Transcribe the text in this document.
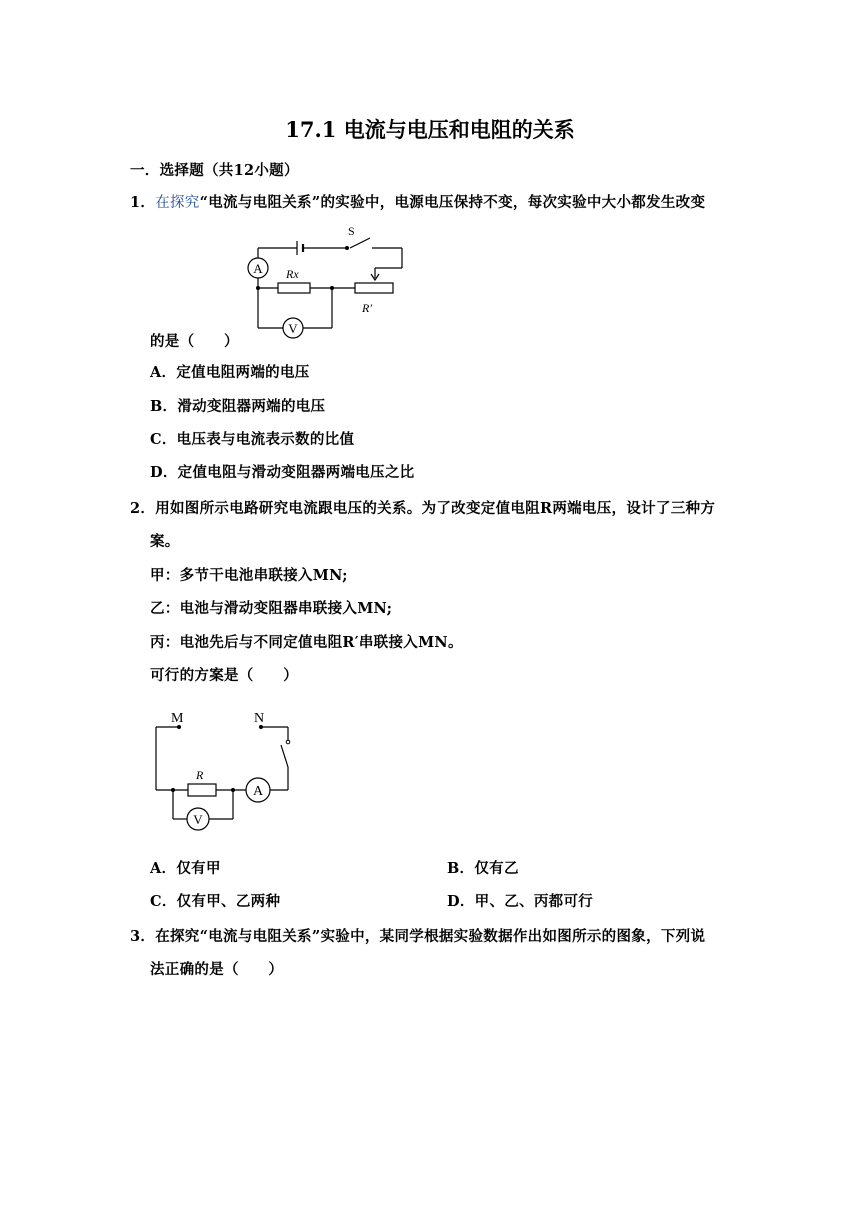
17.1 电流与电压和电阻的关系
一．选择题（共12小题）
1．在探究“电流与电阻关系”的实验中，电源电压保持不变，每次实验中大小都发生改变
A
V
S
Rx
R′
的是（　　）
A．定值电阻两端的电压
B．滑动变阻器两端的电压
C．电压表与电流表示数的比值
D．定值电阻与滑动变阻器两端电压之比
2．用如图所示电路研究电流跟电压的关系。为了改变定值电阻R两端电压，设计了三种方
案。
甲：多节干电池串联接入MN;
乙：电池与滑动变阻器串联接入MN;
丙：电池先后与不同定值电阻R′串联接入MN。
可行的方案是（　　）
A
V
M	N
R
A．仅有甲	B．仅有乙
C．仅有甲、乙两种	D．甲、乙、丙都可行
3．在探究“电流与电阻关系”实验中，某同学根据实验数据作出如图所示的图象，下列说
法正确的是（　　）
